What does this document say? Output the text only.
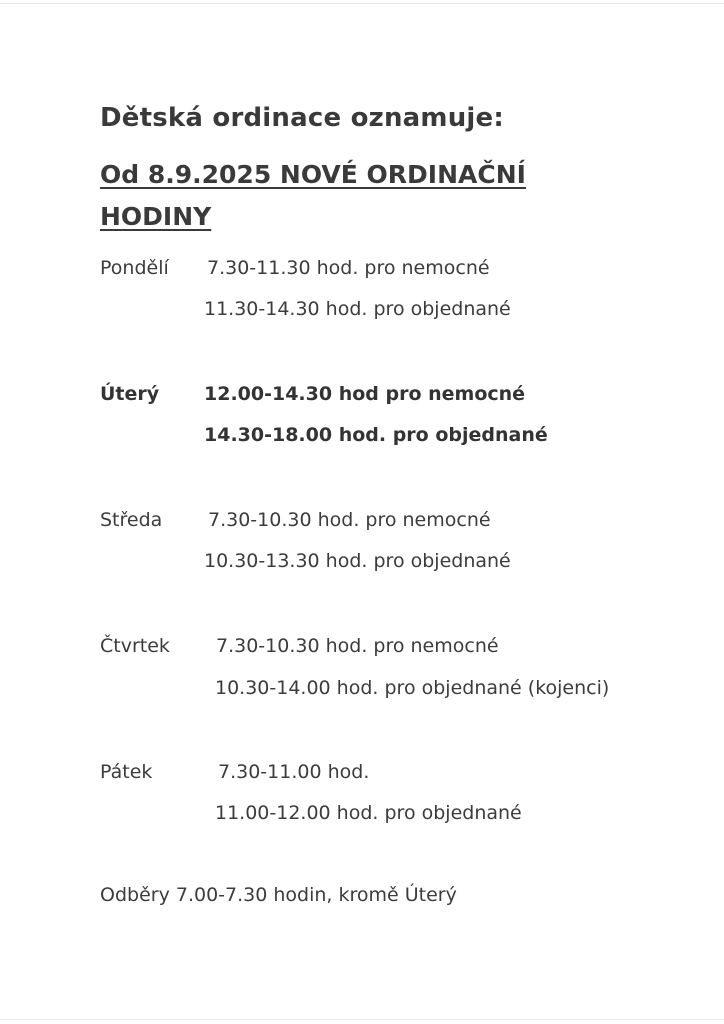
Dětská ordinace oznamuje:
Od 8.9.2025 NOVÉ ORDINAČNÍ
HODINY
Pondělí 7.30-11.30 hod. pro nemocné
11.30-14.30 hod. pro objednané
Úterý 12.00-14.30 hod pro nemocné
14.30-18.00 hod. pro objednané
Středa 7.30-10.30 hod. pro nemocné
10.30-13.30 hod. pro objednané
Čtvrtek 7.30-10.30 hod. pro nemocné
10.30-14.00 hod. pro objednané (kojenci)
Pátek	7.30-11.00 hod.
11.00-12.00 hod. pro objednané
Odběry 7.00-7.30 hodin, kromě Úterý
